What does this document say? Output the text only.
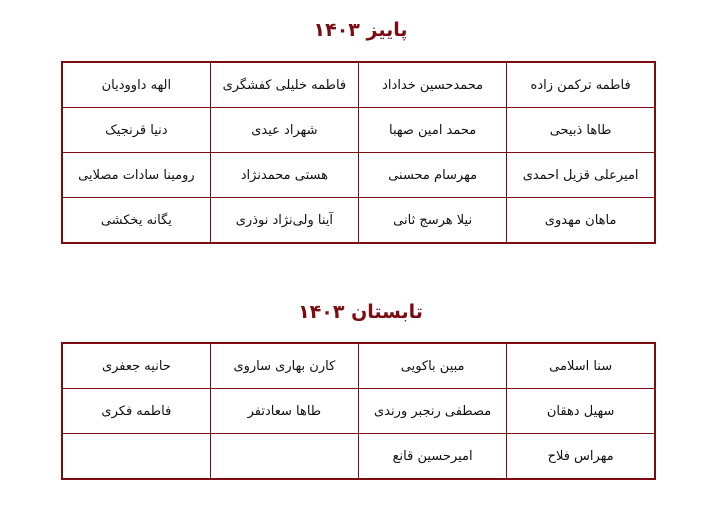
پاییز ۱۴۰۳
فاطمه ترکمن زاده	محمدحسین خداداد	فاطمه خلیلی کفشگری	الهه داوودیان
طاها ذبیحی	محمد امین صهبا	شهراد عیدی	دنیا قرنجیک
امیرعلی قزیل احمدی	مهرسام محسنی	هستی محمدنژاد	رومینا سادات مصلایی
ماهان مهدوی	نیلا هرسج ثانی	آینا ولی‌نژاد نوذری	یگانه یخکشی
تابستان ۱۴۰۳
سنا اسلامی	مبین باکویی	کارن بهاری ساروی	حانیه جعفری
سهیل دهقان	مصطفی رنجبر ورندی	طاها سعادتفر	فاطمه فکری
مهراس فلاح	امیرحسین قانع		
